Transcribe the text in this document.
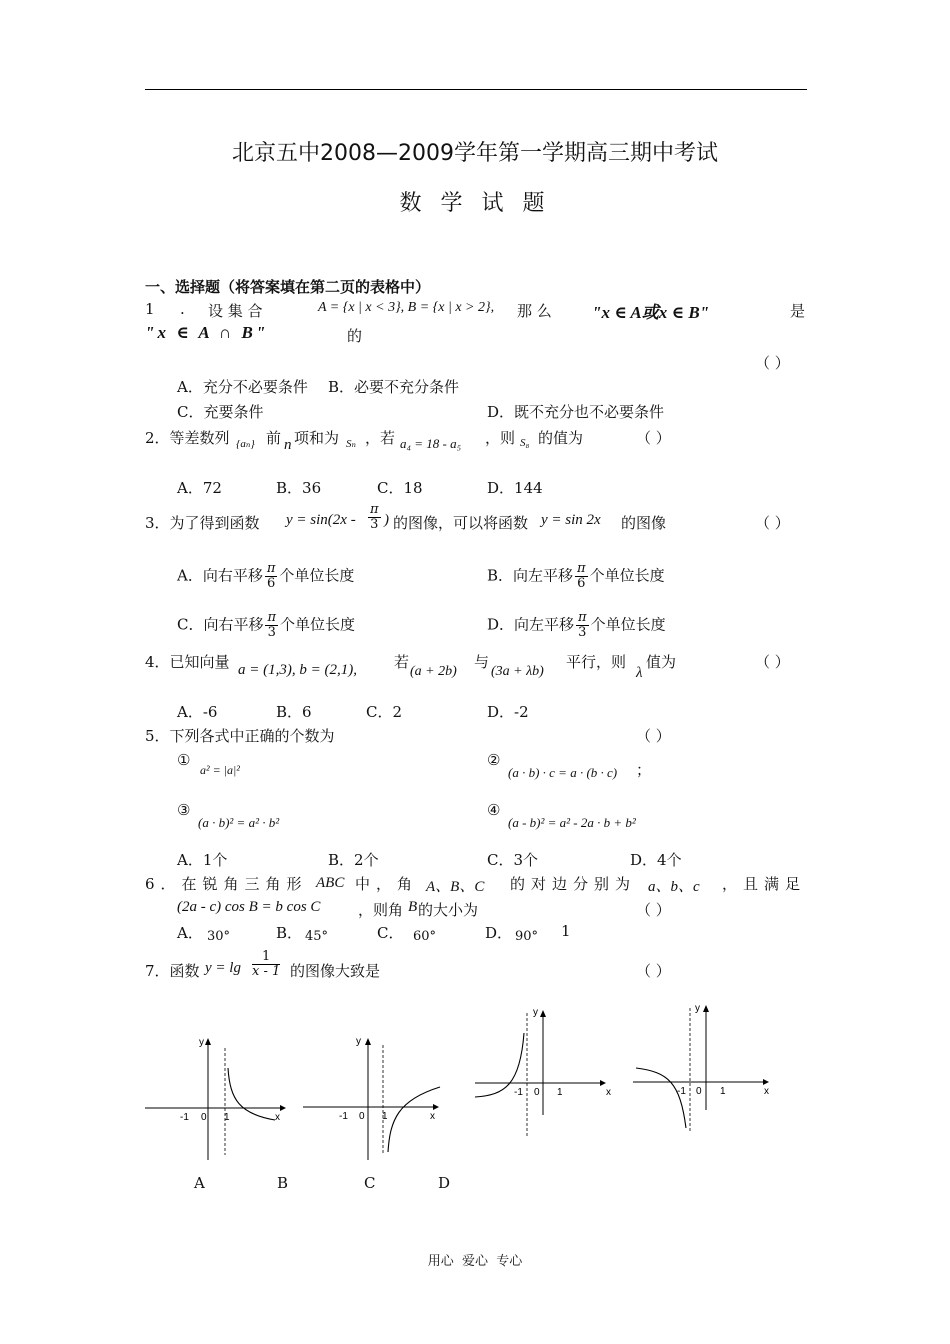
北京五中2008—2009学年第一学期高三期中考试
数 学 试 题
一、选择题（将答案填在第二页的表格中）
1 . 设 集 合	A = {x | x < 3}, B = {x | x > 2}, 那 么 "x ∈ A或x ∈ B"	是
"x ∈ A ∩ B"	的
（ ）
A．充分不必要条件 B．必要不充分条件
C．充要条件	D．既不充分也不必要条件
2．等差数列 {aₙ} 前 n 项和为 Sₙ ，若 a₄ = 18 - a₅ ，则 S₈ 的值为	（ ）
A．72	B．36	C．18	D．144
3．为了得到函数 $y = \sin(2x - \frac{\pi}{3}$ ) 的图像，可以将函数 y = sin 2x 的图像	（ ）
A．向右平移 $\frac{\pi}{6}$ 个单位长度	B．向左平移 $\frac{\pi}{6}$ 个单位长度
C．向右平移 $\frac{\pi}{3}$ 个单位长度	D．向左平移 $\frac{\pi}{3}$ 个单位长度
4．已知向量 a = (1,3), b = (2,1), 若
(a + 2b)
与
(3a + λb)
平行，则
λ
值为	（ ）
A．-6	B．6	C．2	D．-2
5．下列各式中正确的个数为	（ ）
①
a² = |a|²
②
(a · b) · c = a · (b · c) ；
③
(a · b)² = a² · b²
④
(a - b)² = a² - 2a · b + b²
A．1个	B．2个	C．3个	D．4个
6．在锐角三角形 ABC 中，角 A、B、C 的对边分别为 a、b、c ，且满足
(2a - c) cos B = b cos C	，则角 B 的大小为	（ ）
A． 30°	B． 45°	C． 60°	D． 90° 1
7．函数 $y = \lg \frac{1}{x - 1}$ 的图像大致是	（ ）
y
x
-1 0 1
y
x
-1 0 1
y
x
-1 0 1
y
x
-1 0 1
A	B	C	D
用心  爱心  专心
